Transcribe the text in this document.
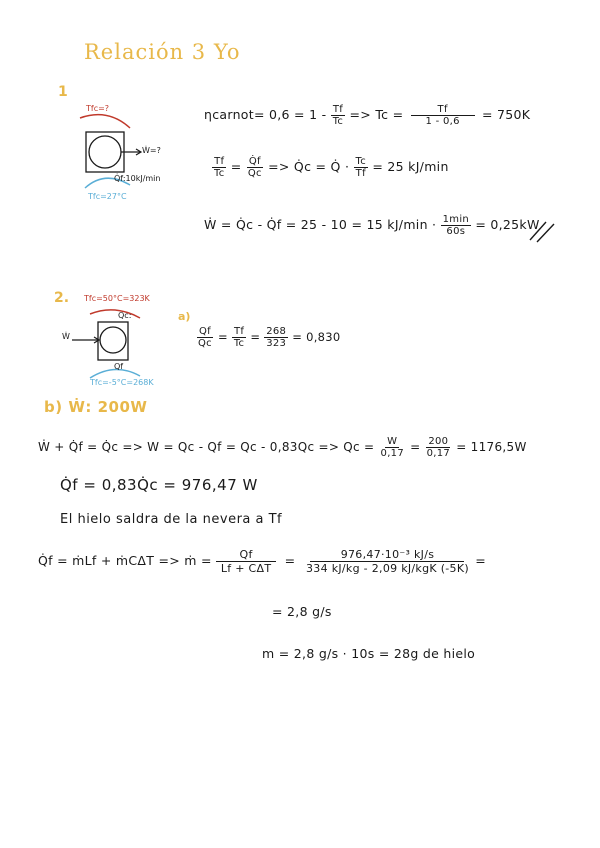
Relación 3 Yo
1
Tfc=?
Ẇ=?
Q̇f:10kJ/min
Tfc=27°C
ηcarnot= $0,6 = 1 - \frac{Tf}{Tc} => Tc = \frac{Tf}{1 - 0,6} = 750K$
$\frac{Tf}{Tc} = \frac{Q̇f}{Q̇c}$ => Q̇c = Q̇ · $\frac{Tc}{Tf} = 25$ kJ/min
Ẇ = Q̇c - Q̇f = 25 - 10 = 15 $kJ/\min \cdot \frac{1\min}{60s} = 0,25kW$
2. Tfc=50°C=323K
Qc:
Ẇ
Qf
Tfc=-5°C=268K
a)
$\frac{Qf}{Qc} = \frac{Tf}{Tc} = \frac{268}{323} = 0,830$
b) Ẇ: 200W
Ẇ + Q̇f = Q̇c => $W = Qc - Qf = Qc - 0,83Qc => Qc = \frac{W}{0,17} = \frac{200}{0,17} = 1176,5W$
Q̇f = 0,83Q̇c = 976,47 W
El hielo saldra de la nevera a Tf
Q̇f = ṁLf + ṁCΔT => ṁ = $\frac{Qf}{\text{Lf + CΔT}} = \frac{\text{976,47·10⁻³ kJ/s}}{\text{334 kJ/kg - 2,09 kJ/kgK (-5K)}}$ =
= 2,8 g/s
m = 2,8 g/s · 10s = 28g de hielo
